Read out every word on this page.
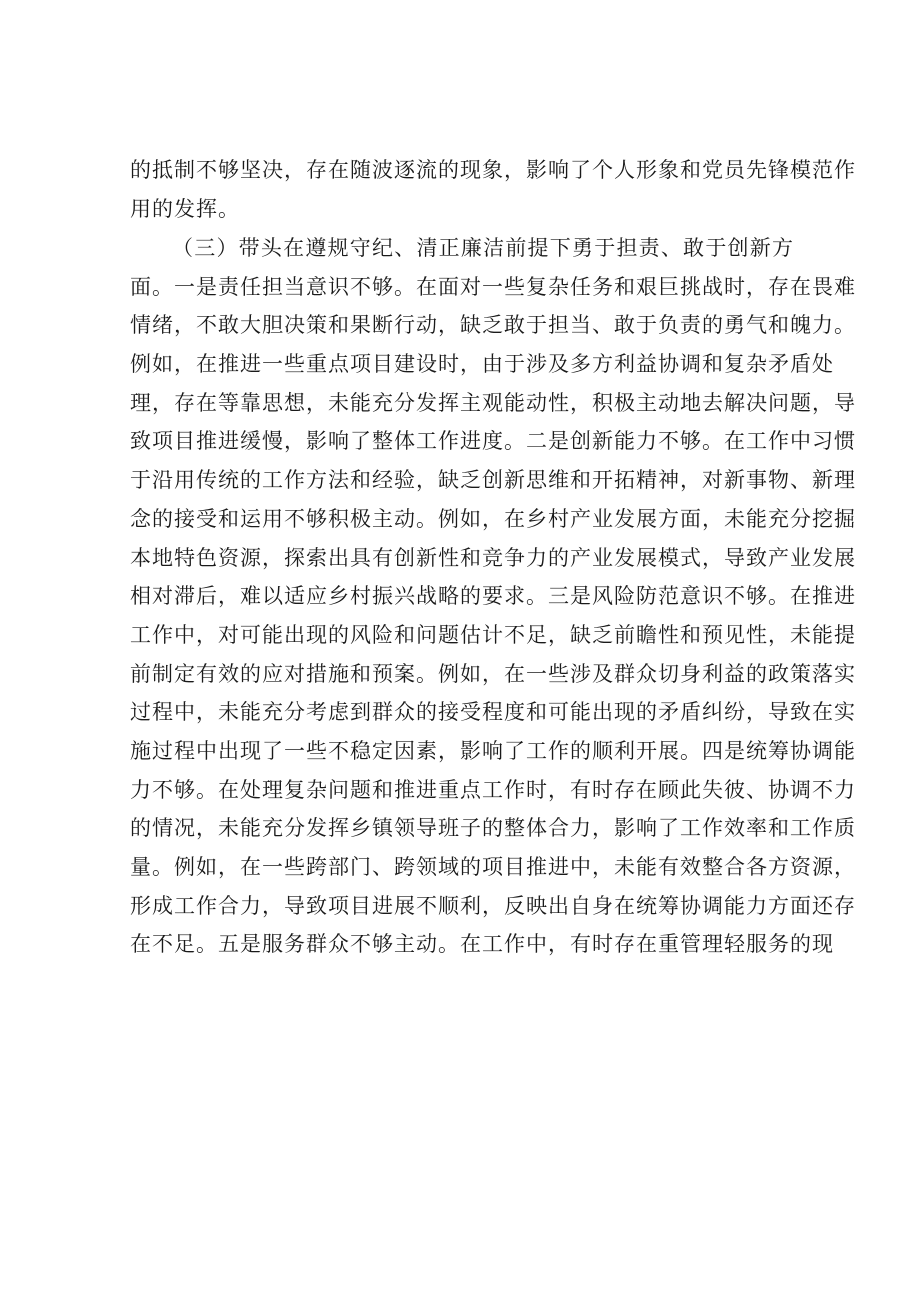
的抵制不够坚决，存在随波逐流的现象，影响了个人形象和党员先锋模范作
用的发挥。
（三）带头在遵规守纪、清正廉洁前提下勇于担责、敢于创新方
面。一是责任担当意识不够。在面对一些复杂任务和艰巨挑战时，存在畏难
情绪，不敢大胆决策和果断行动，缺乏敢于担当、敢于负责的勇气和魄力。
例如，在推进一些重点项目建设时，由于涉及多方利益协调和复杂矛盾处
理，存在等靠思想，未能充分发挥主观能动性，积极主动地去解决问题，导
致项目推进缓慢，影响了整体工作进度。二是创新能力不够。在工作中习惯
于沿用传统的工作方法和经验，缺乏创新思维和开拓精神，对新事物、新理
念的接受和运用不够积极主动。例如，在乡村产业发展方面，未能充分挖掘
本地特色资源，探索出具有创新性和竞争力的产业发展模式，导致产业发展
相对滞后，难以适应乡村振兴战略的要求。三是风险防范意识不够。在推进
工作中，对可能出现的风险和问题估计不足，缺乏前瞻性和预见性，未能提
前制定有效的应对措施和预案。例如，在一些涉及群众切身利益的政策落实
过程中，未能充分考虑到群众的接受程度和可能出现的矛盾纠纷，导致在实
施过程中出现了一些不稳定因素，影响了工作的顺利开展。四是统筹协调能
力不够。在处理复杂问题和推进重点工作时，有时存在顾此失彼、协调不力
的情况，未能充分发挥乡镇领导班子的整体合力，影响了工作效率和工作质
量。例如，在一些跨部门、跨领域的项目推进中，未能有效整合各方资源，
形成工作合力，导致项目进展不顺利，反映出自身在统筹协调能力方面还存
在不足。五是服务群众不够主动。在工作中，有时存在重管理轻服务的现
